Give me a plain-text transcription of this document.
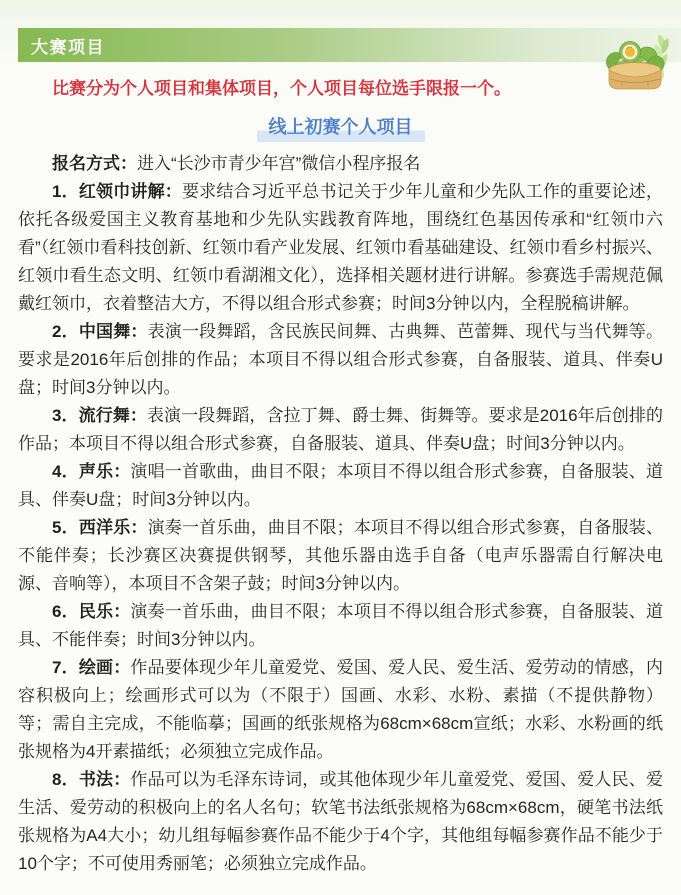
大赛项目

比赛分为个人项目和集体项目，个人项目每位选手限报一个。

线上初赛个人项目

报名方式：进入“长沙市青少年宫”微信小程序报名

1．红领巾讲解：要求结合习近平总书记关于少年儿童和少先队工作的重要论述，依托各级爱国主义教育基地和少先队实践教育阵地，围绕红色基因传承和“红领巾六看”（红领巾看科技创新、红领巾看产业发展、红领巾看基础建设、红领巾看乡村振兴、红领巾看生态文明、红领巾看湖湘文化），选择相关题材进行讲解。参赛选手需规范佩戴红领巾，衣着整洁大方，不得以组合形式参赛；时间3分钟以内，全程脱稿讲解。

2．中国舞：表演一段舞蹈，含民族民间舞、古典舞、芭蕾舞、现代与当代舞等。要求是2016年后创排的作品；本项目不得以组合形式参赛，自备服装、道具、伴奏U盘；时间3分钟以内。

3．流行舞：表演一段舞蹈，含拉丁舞、爵士舞、街舞等。要求是2016年后创排的作品；本项目不得以组合形式参赛，自备服装、道具、伴奏U盘；时间3分钟以内。

4．声乐：演唱一首歌曲，曲目不限；本项目不得以组合形式参赛，自备服装、道具、伴奏U盘；时间3分钟以内。

5．西洋乐：演奏一首乐曲，曲目不限；本项目不得以组合形式参赛，自备服装、不能伴奏；长沙赛区决赛提供钢琴，其他乐器由选手自备（电声乐器需自行解决电源、音响等），本项目不含架子鼓；时间3分钟以内。

6．民乐：演奏一首乐曲，曲目不限；本项目不得以组合形式参赛，自备服装、道具、不能伴奏；时间3分钟以内。

7．绘画：作品要体现少年儿童爱党、爱国、爱人民、爱生活、爱劳动的情感，内容积极向上；绘画形式可以为（不限于）国画、水彩、水粉、素描（不提供静物）等；需自主完成，不能临摹；国画的纸张规格为68cm×68cm宣纸；水彩、水粉画的纸张规格为4开素描纸；必须独立完成作品。

8．书法：作品可以为毛泽东诗词，或其他体现少年儿童爱党、爱国、爱人民、爱生活、爱劳动的积极向上的名人名句；软笔书法纸张规格为68cm×68cm，硬笔书法纸张规格为A4大小；幼儿组每幅参赛作品不能少于4个字，其他组每幅参赛作品不能少于10个字；不可使用秀丽笔；必须独立完成作品。
